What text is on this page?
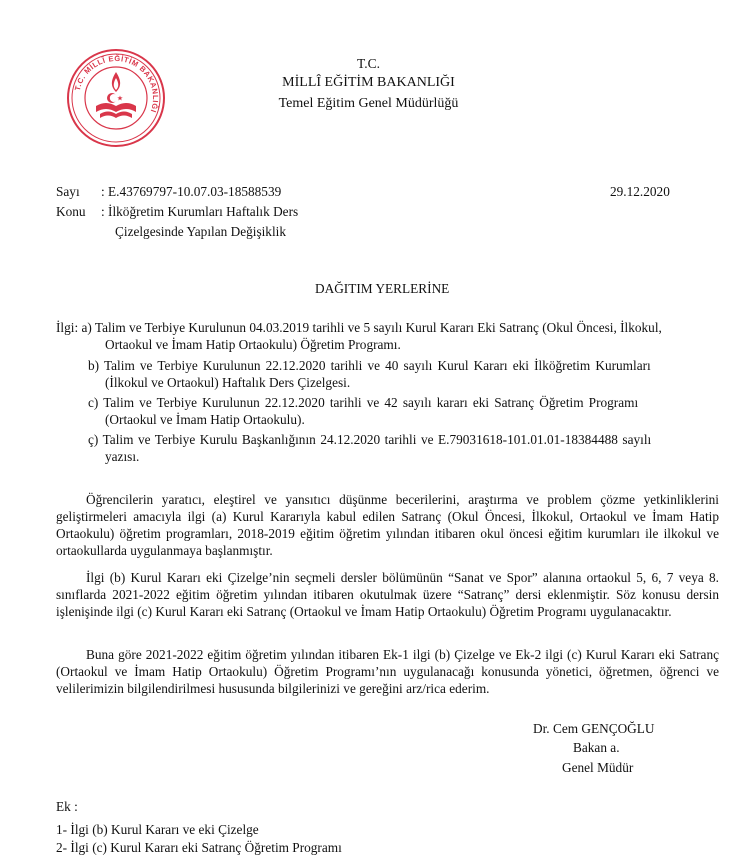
T.C. MİLLÎ EĞİTİM BAKANLIĞI
T.C.
MİLLÎ EĞİTİM BAKANLIĞI
Temel Eğitim Genel Müdürlüğü
Sayı : E.43769797-10.07.03-18588539	29.12.2020
Konu : İlköğretim Kurumları Haftalık Ders
Çizelgesinde Yapılan Değişiklik
DAĞITIM YERLERİNE
İlgi: a) Talim ve Terbiye Kurulunun 04.03.2019 tarihli ve 5 sayılı Kurul Kararı Eki Satranç (Okul Öncesi, İlkokul,
Ortaokul ve İmam Hatip Ortaokulu) Öğretim Programı.
b) Talim ve Terbiye Kurulunun 22.12.2020 tarihli ve 40 sayılı Kurul Kararı eki İlköğretim Kurumları
(İlkokul ve Ortaokul) Haftalık Ders Çizelgesi.
c) Talim ve Terbiye Kurulunun 22.12.2020 tarihli ve 42 sayılı kararı eki Satranç Öğretim Programı
(Ortaokul ve İmam Hatip Ortaokulu).
ç) Talim ve Terbiye Kurulu Başkanlığının 24.12.2020 tarihli ve E.79031618-101.01.01-18384488 sayılı
yazısı.
Öğrencilerin yaratıcı, eleştirel ve yansıtıcı düşünme becerilerini, araştırma ve problem çözme yetkinliklerini geliştirmeleri amacıyla ilgi (a) Kurul Kararıyla kabul edilen Satranç (Okul Öncesi, İlkokul, Ortaokul ve İmam Hatip Ortaokulu) öğretim programları, 2018-2019 eğitim öğretim yılından itibaren okul öncesi eğitim kurumları ile ilkokul ve ortaokullarda uygulanmaya başlanmıştır.
İlgi (b) Kurul Kararı eki Çizelge’nin seçmeli dersler bölümünün “Sanat ve Spor” alanına ortaokul 5, 6, 7 veya 8. sınıflarda 2021-2022 eğitim öğretim yılından itibaren okutulmak üzere “Satranç” dersi eklenmiştir. Söz konusu dersin işlenişinde ilgi (c) Kurul Kararı eki Satranç (Ortaokul ve İmam Hatip Ortaokulu) Öğretim Programı uygulanacaktır.
Buna göre 2021-2022 eğitim öğretim yılından itibaren Ek-1 ilgi (b) Çizelge ve Ek-2 ilgi (c) Kurul Kararı eki Satranç (Ortaokul ve İmam Hatip Ortaokulu) Öğretim Programı’nın uygulanacağı konusunda yönetici, öğretmen, öğrenci ve velilerimizin bilgilendirilmesi hususunda bilgilerinizi ve gereğini arz/rica ederim.
Dr. Cem GENÇOĞLU
Bakan a.
Genel Müdür
Ek :
1- İlgi (b) Kurul Kararı ve eki Çizelge
2- İlgi (c) Kurul Kararı eki Satranç Öğretim Programı
